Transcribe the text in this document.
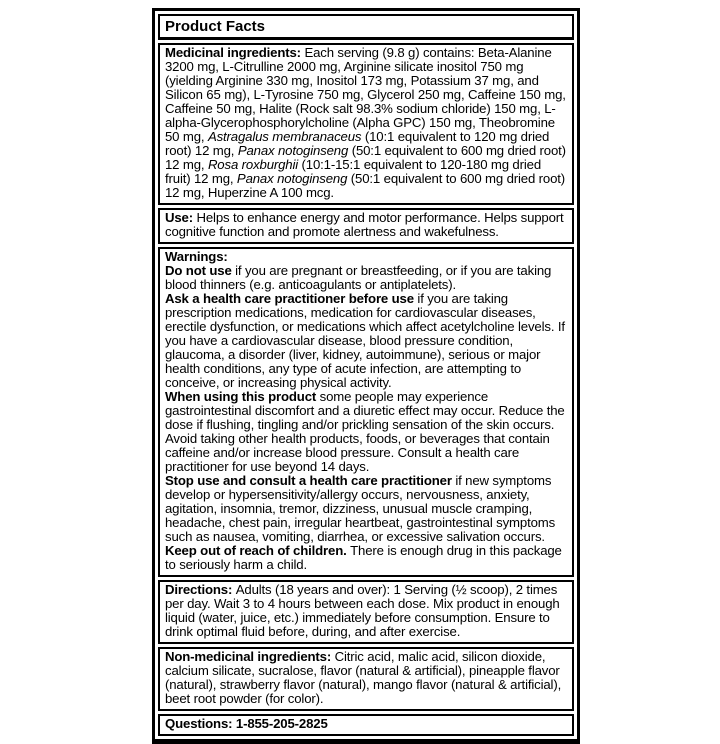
Product Facts

Medicinal ingredients: Each serving (9.8 g) contains: Beta-Alanine 3200 mg, L-Citrulline 2000 mg, Arginine silicate inositol 750 mg (yielding Arginine 330 mg, Inositol 173 mg, Potassium 37 mg, and Silicon 65 mg), L-Tyrosine 750 mg, Glycerol 250 mg, Caffeine 150 mg, Caffeine 50 mg, Halite (Rock salt 98.3% sodium chloride) 150 mg, L-alpha-Glycerophosphorylcholine (Alpha GPC) 150 mg, Theobromine 50 mg, Astragalus membranaceus (10:1 equivalent to 120 mg dried root) 12 mg, Panax notoginseng (50:1 equivalent to 600 mg dried root) 12 mg, Rosa roxburghii (10:1-15:1 equivalent to 120-180 mg dried fruit) 12 mg, Panax notoginseng (50:1 equivalent to 600 mg dried root) 12 mg, Huperzine A 100 mcg.

Use: Helps to enhance energy and motor performance. Helps support cognitive function and promote alertness and wakefulness.

Warnings:

Do not use if you are pregnant or breastfeeding, or if you are taking blood thinners (e.g. anticoagulants or antiplatelets).

Ask a health care practitioner before use if you are taking prescription medications, medication for cardiovascular diseases, erectile dysfunction, or medications which affect acetylcholine levels. If you have a cardiovascular disease, blood pressure condition, glaucoma, a disorder (liver, kidney, autoimmune), serious or major health conditions, any type of acute infection, are attempting to conceive, or increasing physical activity.

When using this product some people may experience gastrointestinal discomfort and a diuretic effect may occur. Reduce the dose if flushing, tingling and/or prickling sensation of the skin occurs. Avoid taking other health products, foods, or beverages that contain caffeine and/or increase blood pressure. Consult a health care practitioner for use beyond 14 days.

Stop use and consult a health care practitioner if new symptoms develop or hypersensitivity/allergy occurs, nervousness, anxiety, agitation, insomnia, tremor, dizziness, unusual muscle cramping, headache, chest pain, irregular heartbeat, gastrointestinal symptoms such as nausea, vomiting, diarrhea, or excessive salivation occurs.

Keep out of reach of children. There is enough drug in this package to seriously harm a child.

Directions: Adults (18 years and over): 1 Serving (½ scoop), 2 times per day. Wait 3 to 4 hours between each dose. Mix product in enough liquid (water, juice, etc.) immediately before consumption. Ensure to drink optimal fluid before, during, and after exercise.

Non-medicinal ingredients: Citric acid, malic acid, silicon dioxide, calcium silicate, sucralose, flavor (natural & artificial), pineapple flavor (natural), strawberry flavor (natural), mango flavor (natural & artificial), beet root powder (for color).

Questions: 1-855-205-2825
